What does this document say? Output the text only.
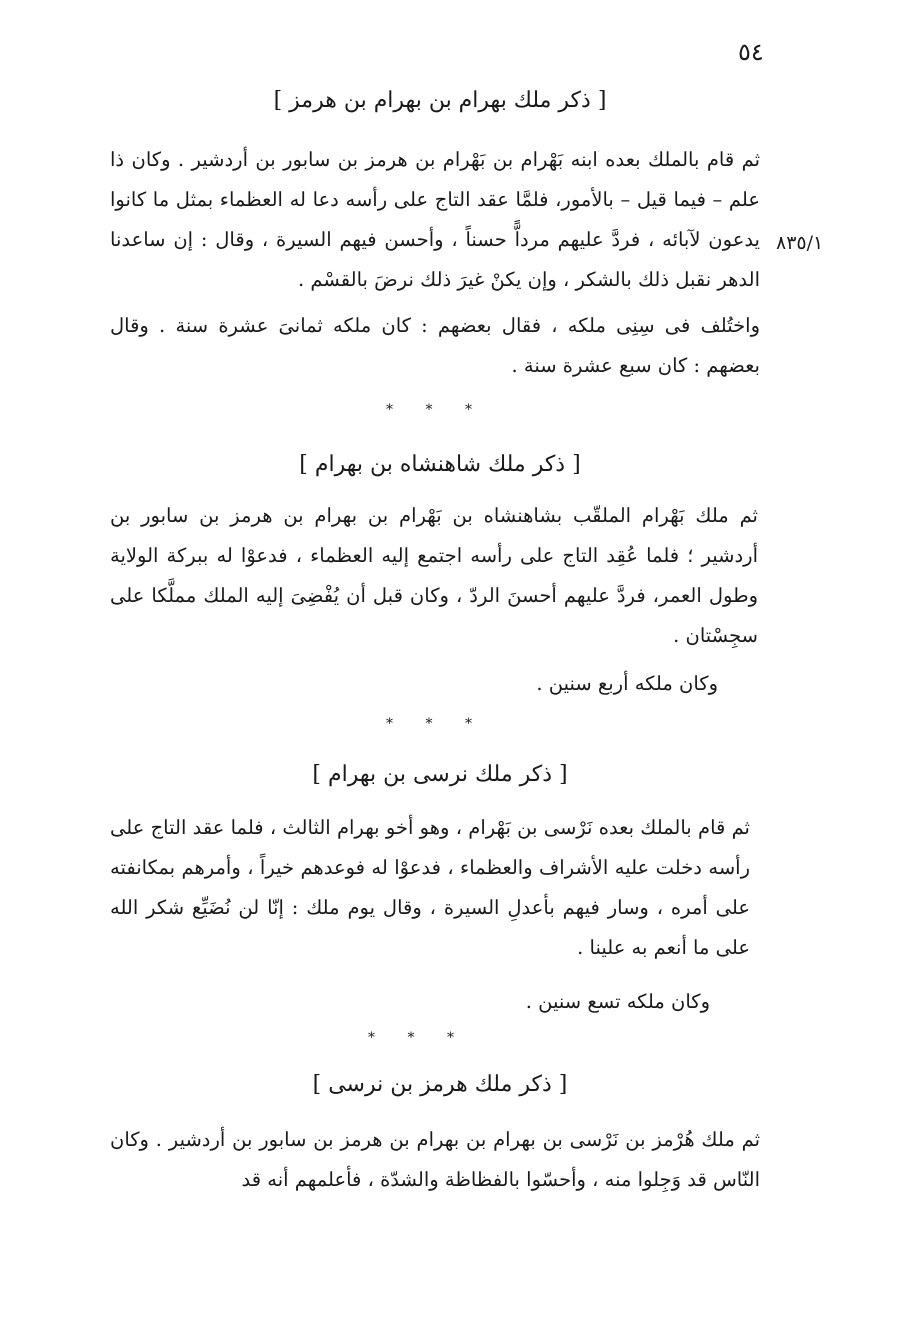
٥٤
٨٣٥/١
[ ذكر ملك بهرام بن بهرام بن هرمز ]

ثم قام بالملك بعده ابنه بَهْرام بن بَهْرام بن هرمز بن سابور بن أردشير . وكان ذا علم – فيما قيل – بالأمور، فلمَّا عقد التاج على رأسه دعا له العظماء بمثل ما كانوا يدعون لآبائه ، فردَّ عليهم مرداًّ حسناً ، وأحسن فيهم السيرة ، وقال : إن ساعدنا الدهر نقبل ذلك بالشكر ، وإن يكنْ غيرَ ذلك نرضَ بالقسْم .

واختُلف فى سِنِى ملكه ، فقال بعضهم : كان ملكه ثمانىَ عشرة سنة . وقال بعضهم : كان سبع عشرة سنة .

* * *
[ ذكر ملك شاهنشاه بن بهرام ]

ثم ملك بَهْرام الملقّب بشاهنشاه بن بَهْرام بن بهرام بن هرمز بن سابور بن أردشير ؛ فلما عُقِد التاج على رأسه اجتمع إليه العظماء ، فدعوْا له ببركة الولاية وطول العمر، فردَّ عليهم أحسنَ الردّ ، وكان قبل أن يُفْضِىَ إليه الملك مملَّكا على سجِسْتان .

وكان ملكه أربع سنين .

* * *
[ ذكر ملك نرسى بن بهرام ]

ثم قام بالملك بعده نَرْسى بن بَهْرام ، وهو أخو بهرام الثالث ، فلما عقد التاج على رأسه دخلت عليه الأشراف والعظماء ، فدعوْا له فوعدهم خيراً ، وأمرهم بمكانفته على أمره ، وسار فيهم بأعدلِ السيرة ، وقال يوم ملك : إنّا لن نُضَيِّع شكر الله على ما أنعم به علينا .

وكان ملكه تسع سنين .

* * *
[ ذكر ملك هرمز بن نرسى ]

ثم ملك هُرْمز بن نَرْسى بن بهرام بن بهرام بن هرمز بن سابور بن أردشير . وكان النّاس قد وَجِلوا منه ، وأحسّوا بالفظاظة والشدّة ، فأعلمهم أنه قد
